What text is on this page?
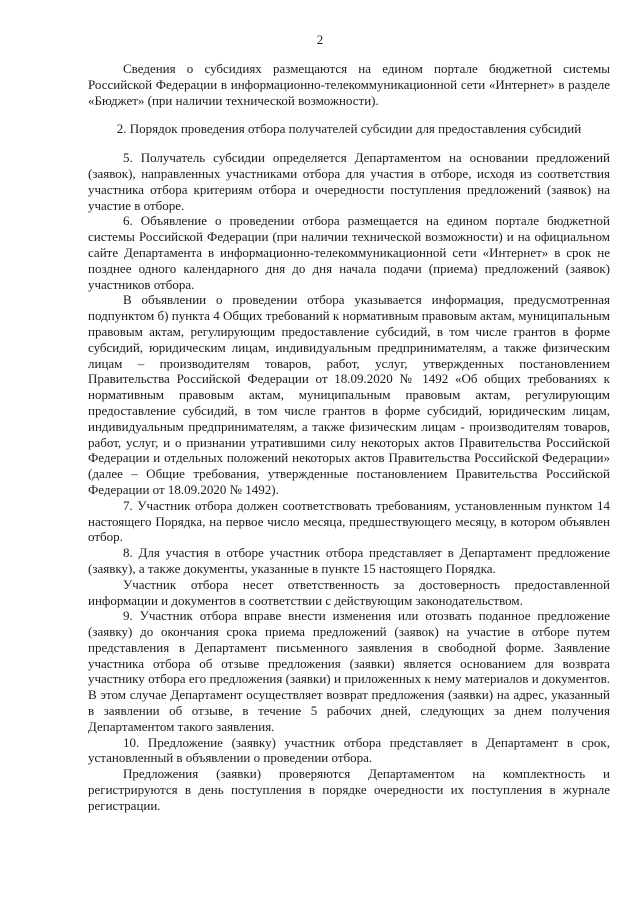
2

Сведения о субсидиях размещаются на едином портале бюджетной системы Российской Федерации в информационно-телекоммуникационной сети «Интернет» в разделе «Бюджет» (при наличии технической возможности).

2. Порядок проведения отбора получателей субсидии для предоставления субсидий

5. Получатель субсидии определяется Департаментом на основании предложений (заявок), направленных участниками отбора для участия в отборе, исходя из соответствия участника отбора критериям отбора и очередности поступления предложений (заявок) на участие в отборе.

6. Объявление о проведении отбора размещается на едином портале бюджетной системы Российской Федерации (при наличии технической возможности) и на официальном сайте Департамента в информационно-телекоммуникационной сети «Интернет» в срок не позднее одного календарного дня до дня начала подачи (приема) предложений (заявок) участников отбора.

В объявлении о проведении отбора указывается информация, предусмотренная подпунктом б) пункта 4 Общих требований к нормативным правовым актам, муниципальным правовым актам, регулирующим предоставление субсидий, в том числе грантов в форме субсидий, юридическим лицам, индивидуальным предпринимателям, а также физическим лицам – производителям товаров, работ, услуг, утвержденных постановлением Правительства Российской Федерации от 18.09.2020 № 1492 «Об общих требованиях к нормативным правовым актам, муниципальным правовым актам, регулирующим предоставление субсидий, в том числе грантов в форме субсидий, юридическим лицам, индивидуальным предпринимателям, а также физическим лицам - производителям товаров, работ, услуг, и о признании утратившими силу некоторых актов Правительства Российской Федерации и отдельных положений некоторых актов Правительства Российской Федерации» (далее – Общие требования, утвержденные постановлением Правительства Российской Федерации от 18.09.2020 № 1492).

7. Участник отбора должен соответствовать требованиям, установленным пунктом 14 настоящего Порядка, на первое число месяца, предшествующего месяцу, в котором объявлен отбор.

8. Для участия в отборе участник отбора представляет в Департамент предложение (заявку), а также документы, указанные в пункте 15 настоящего Порядка.

Участник отбора несет ответственность за достоверность предоставленной информации и документов в соответствии с действующим законодательством.

9. Участник отбора вправе внести изменения или отозвать поданное предложение (заявку) до окончания срока приема предложений (заявок) на участие в отборе путем представления в Департамент письменного заявления в свободной форме. Заявление участника отбора об отзыве предложения (заявки) является основанием для возврата участнику отбора его предложения (заявки) и приложенных к нему материалов и документов. В этом случае Департамент осуществляет возврат предложения (заявки) на адрес, указанный в заявлении об отзыве, в течение 5 рабочих дней, следующих за днем получения Департаментом такого заявления.

10. Предложение (заявку) участник отбора представляет в Департамент в срок, установленный в объявлении о проведении отбора.

Предложения (заявки) проверяются Департаментом на комплектность и регистрируются в день поступления в порядке очередности их поступления в журнале регистрации.
